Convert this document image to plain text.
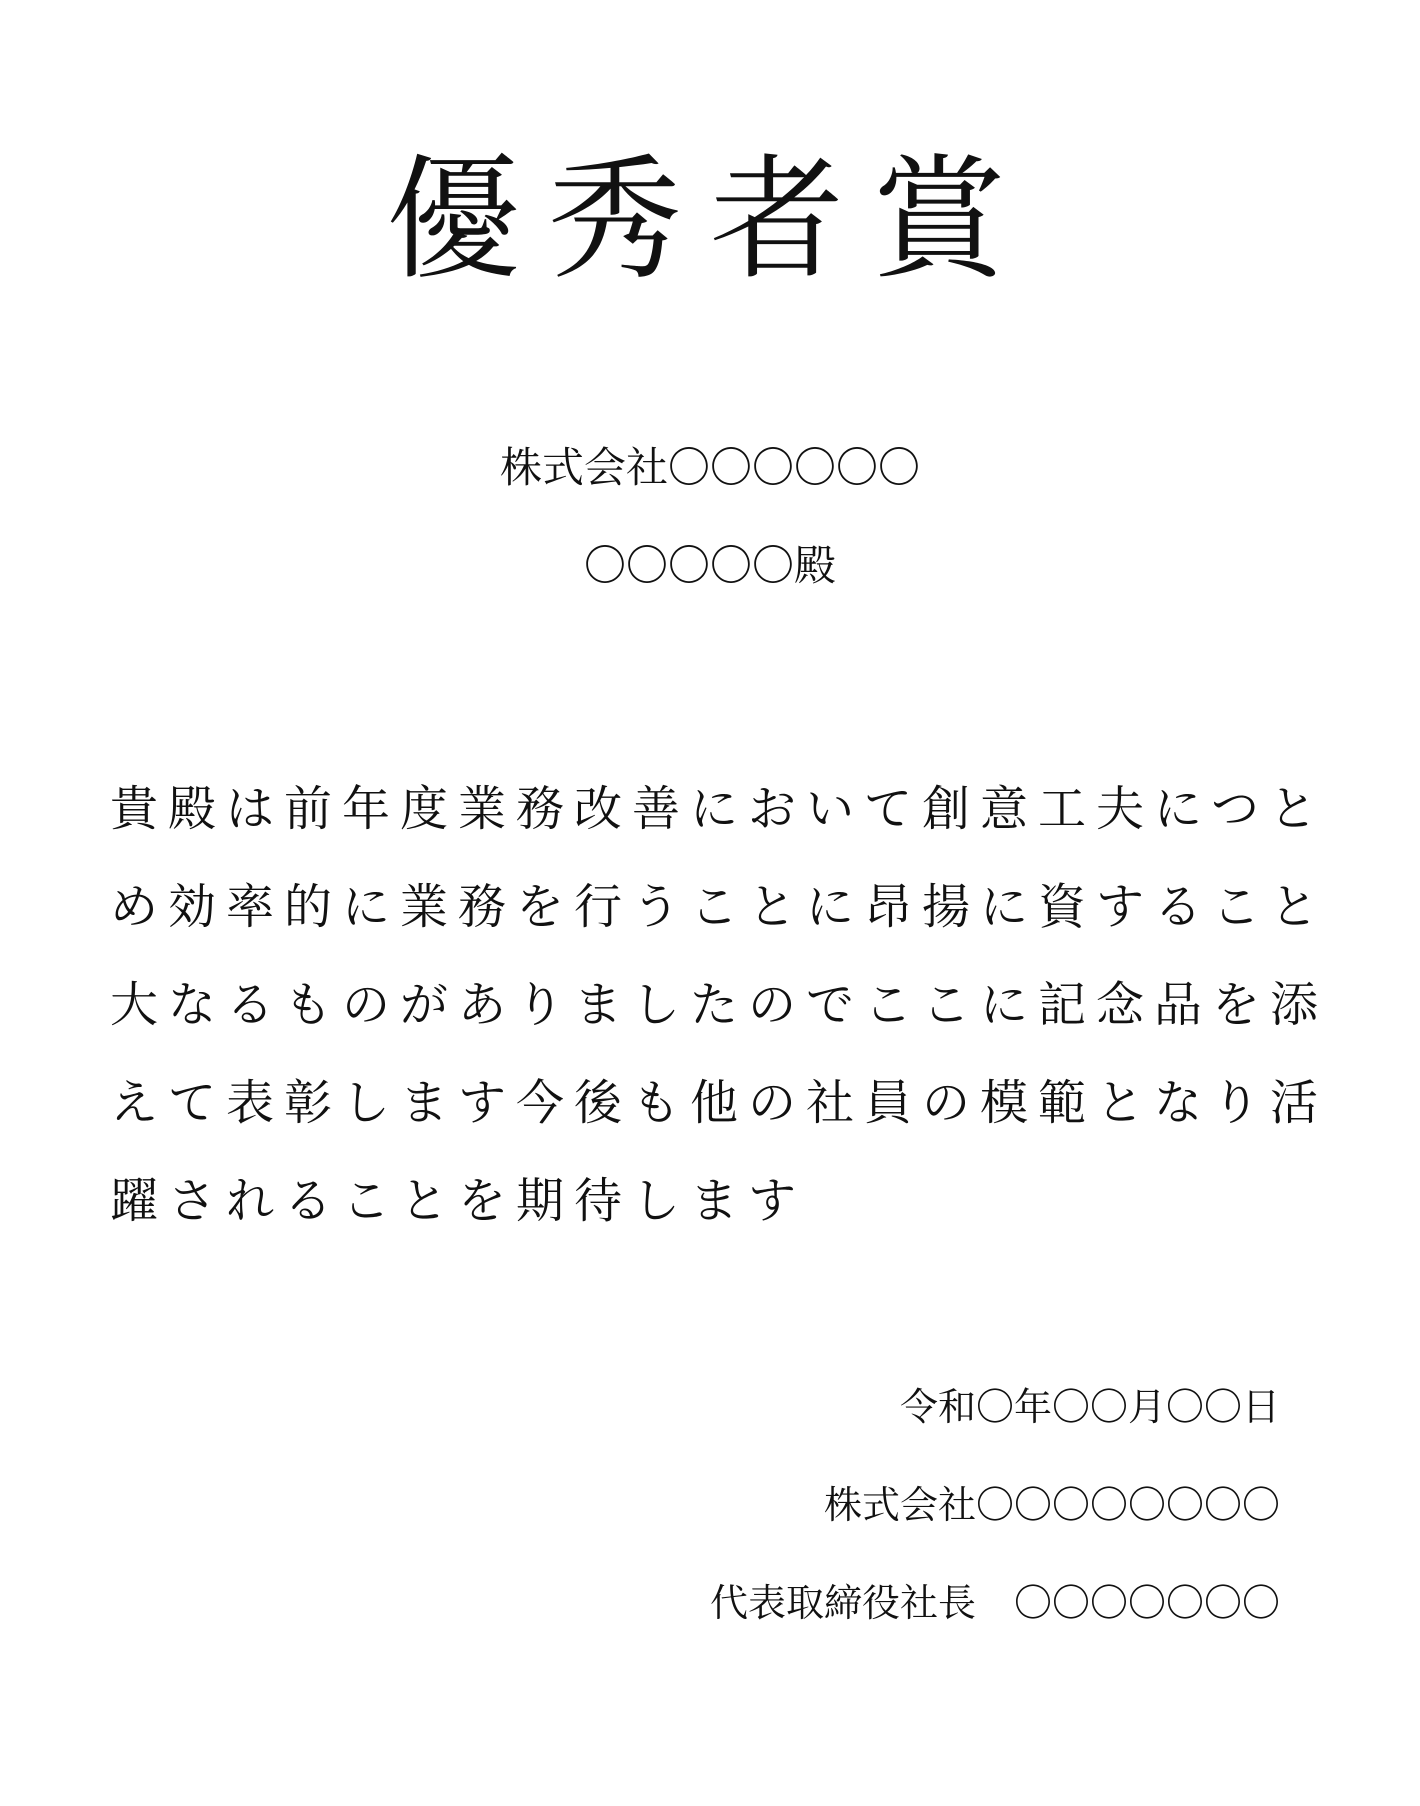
優秀者賞
株式会社〇〇〇〇〇〇
〇〇〇〇〇殿
貴殿は前年度業務改善において創意工夫につと
め効率的に業務を行うことに昂揚に資すること
大なるものがありましたのでここに記念品を添
えて表彰します今後も他の社員の模範となり活
躍されることを期待します
令和〇年〇〇月〇〇日
株式会社〇〇〇〇〇〇〇〇
代表取締役社長　〇〇〇〇〇〇〇
